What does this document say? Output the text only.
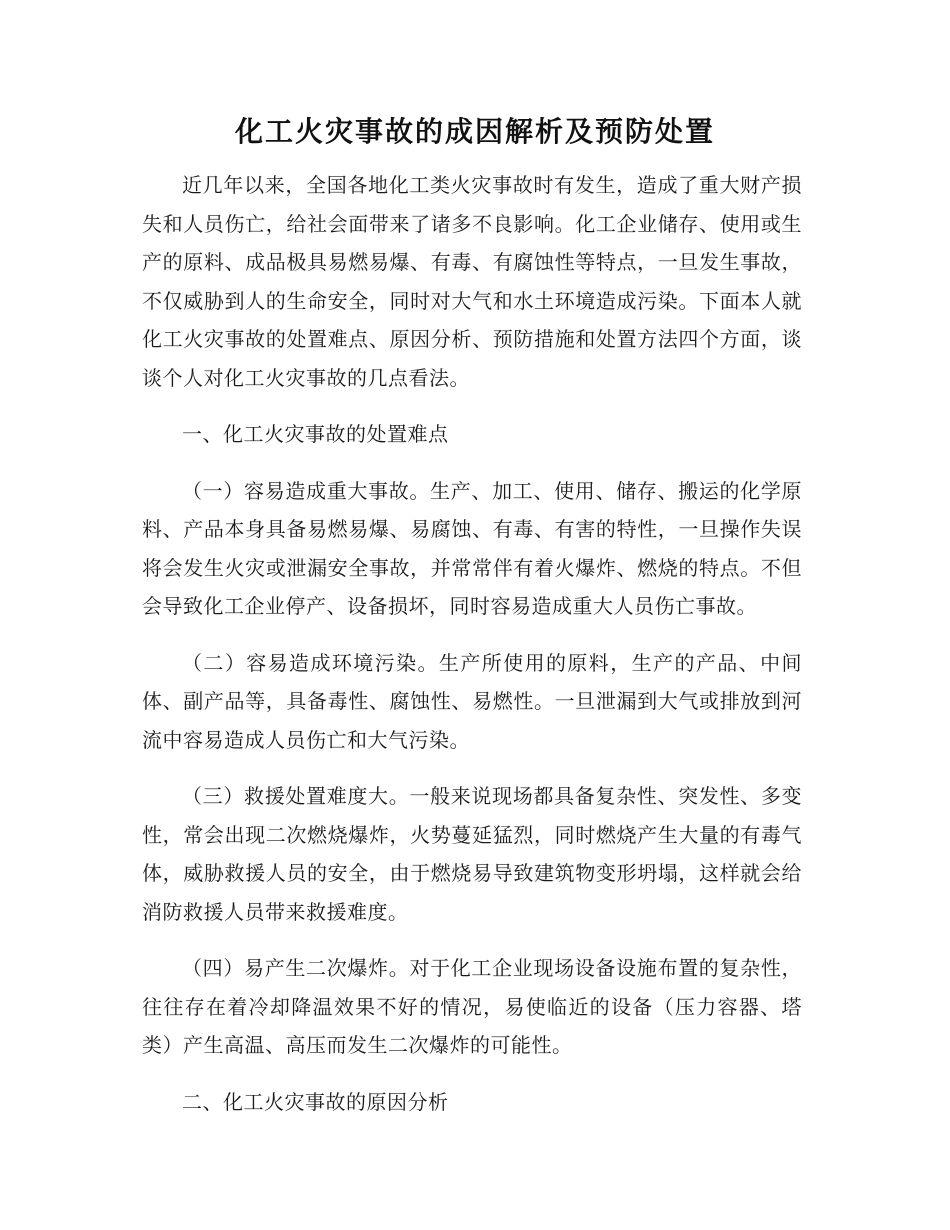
化工火灾事故的成因解析及预防处置

近几年以来，全国各地化工类火灾事故时有发生，造成了重大财产损失和人员伤亡，给社会面带来了诸多不良影响。化工企业储存、使用或生产的原料、成品极具易燃易爆、有毒、有腐蚀性等特点，一旦发生事故，不仅威胁到人的生命安全，同时对大气和水土环境造成污染。下面本人就化工火灾事故的处置难点、原因分析、预防措施和处置方法四个方面，谈谈个人对化工火灾事故的几点看法。

一、化工火灾事故的处置难点

（一）容易造成重大事故。生产、加工、使用、储存、搬运的化学原料、产品本身具备易燃易爆、易腐蚀、有毒、有害的特性，一旦操作失误将会发生火灾或泄漏安全事故，并常常伴有着火爆炸、燃烧的特点。不但会导致化工企业停产、设备损坏，同时容易造成重大人员伤亡事故。

（二）容易造成环境污染。生产所使用的原料，生产的产品、中间体、副产品等，具备毒性、腐蚀性、易燃性。一旦泄漏到大气或排放到河流中容易造成人员伤亡和大气污染。

（三）救援处置难度大。一般来说现场都具备复杂性、突发性、多变性，常会出现二次燃烧爆炸，火势蔓延猛烈，同时燃烧产生大量的有毒气体，威胁救援人员的安全，由于燃烧易导致建筑物变形坍塌，这样就会给消防救援人员带来救援难度。

（四）易产生二次爆炸。对于化工企业现场设备设施布置的复杂性，往往存在着冷却降温效果不好的情况，易使临近的设备（压力容器、塔类）产生高温、高压而发生二次爆炸的可能性。

二、化工火灾事故的原因分析
